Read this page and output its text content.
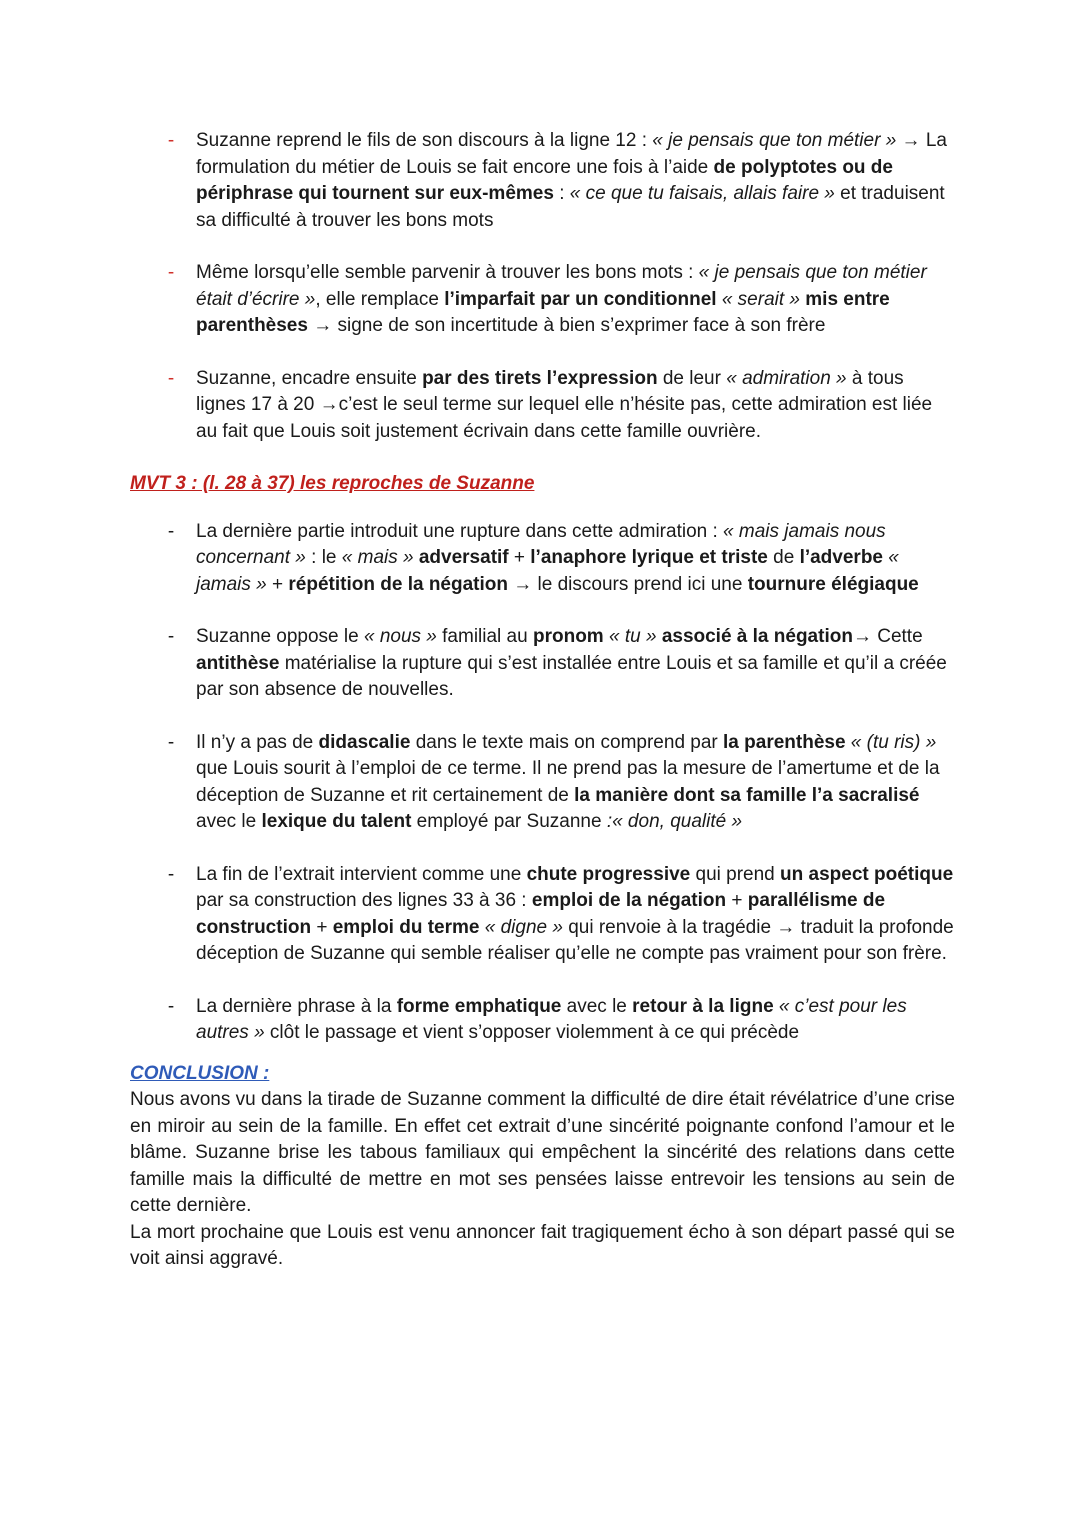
- Suzanne reprend le fils de son discours à la ligne 12 : « je pensais que ton métier » → La formulation du métier de Louis se fait encore une fois à l’aide de polyptotes ou de périphrase qui tournent sur eux-mêmes : « ce que tu faisais, allais faire » et traduisent sa difficulté à trouver les bons mots

- Même lorsqu’elle semble parvenir à trouver les bons mots : « je pensais que ton métier était d’écrire », elle remplace l’imparfait par un conditionnel « serait » mis entre parenthèses → signe de son incertitude à bien s’exprimer face à son frère

- Suzanne, encadre ensuite par des tirets l’expression de leur « admiration » à tous lignes 17 à 20 →c’est le seul terme sur lequel elle n’hésite pas, cette admiration est liée au fait que Louis soit justement écrivain dans cette famille ouvrière.

MVT 3 : (l. 28 à 37) les reproches de Suzanne
- La dernière partie introduit une rupture dans cette admiration : « mais jamais nous concernant » : le « mais » adversatif + l’anaphore lyrique et triste de l’adverbe « jamais » + répétition de la négation → le discours prend ici une tournure élégiaque

- Suzanne oppose le « nous » familial au pronom « tu » associé à la négation→ Cette antithèse matérialise la rupture qui s’est installée entre Louis et sa famille et qu’il a créée par son absence de nouvelles.

- Il n’y a pas de didascalie dans le texte mais on comprend par la parenthèse « (tu ris) » que Louis sourit à l’emploi de ce terme. Il ne prend pas la mesure de l’amertume et de la déception de Suzanne et rit certainement de la manière dont sa famille l’a sacralisé avec le lexique du talent employé par Suzanne :« don, qualité »

- La fin de l’extrait intervient comme une chute progressive qui prend un aspect poétique par sa construction des lignes 33 à 36 : emploi de la négation + parallélisme de construction + emploi du terme « digne » qui renvoie à la tragédie → traduit la profonde déception de Suzanne qui semble réaliser qu’elle ne compte pas vraiment pour son frère.

- La dernière phrase à la forme emphatique avec le retour à la ligne « c’est pour les autres » clôt le passage et vient s’opposer violemment à ce qui précède

CONCLUSION :

Nous avons vu dans la tirade de Suzanne comment la difficulté de dire était révélatrice d’une crise en miroir au sein de la famille. En effet cet extrait d’une sincérité poignante confond l’amour et le blâme. Suzanne brise les tabous familiaux qui empêchent la sincérité des relations dans cette famille mais la difficulté de mettre en mot ses pensées laisse entrevoir les tensions au sein de cette dernière.

La mort prochaine que Louis est venu annoncer fait tragiquement écho à son départ passé qui se voit ainsi aggravé.
